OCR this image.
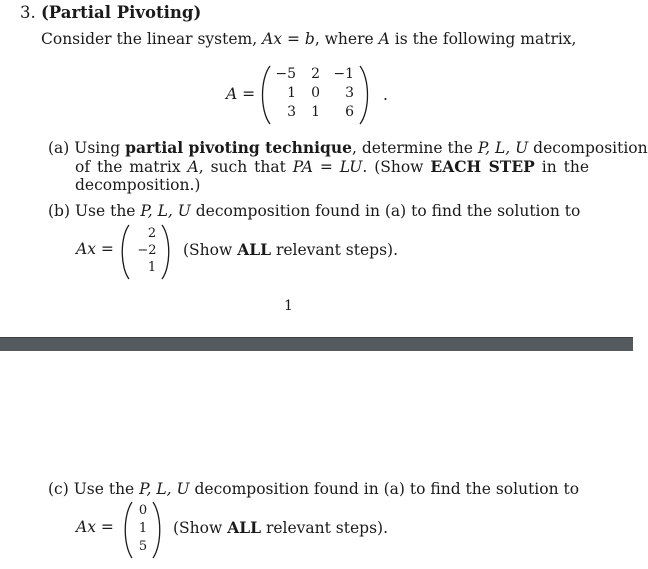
3. (Partial Pivoting)
Consider the linear system, Ax = b, where A is the following matrix,
A =
−5	2 −1
1	0	3
3	1	6
.
(a) Using partial pivoting technique, determine the P, L, U decomposition
of the matrix A, such that PA = LU. (Show EACH STEP in the
decomposition.)
(b) Use the P, L, U decomposition found in (a) to find the solution to
Ax =
2
−2
1
(Show ALL relevant steps).
1
(c) Use the P, L, U decomposition found in (a) to find the solution to
Ax =
0
1
5
(Show ALL relevant steps).
